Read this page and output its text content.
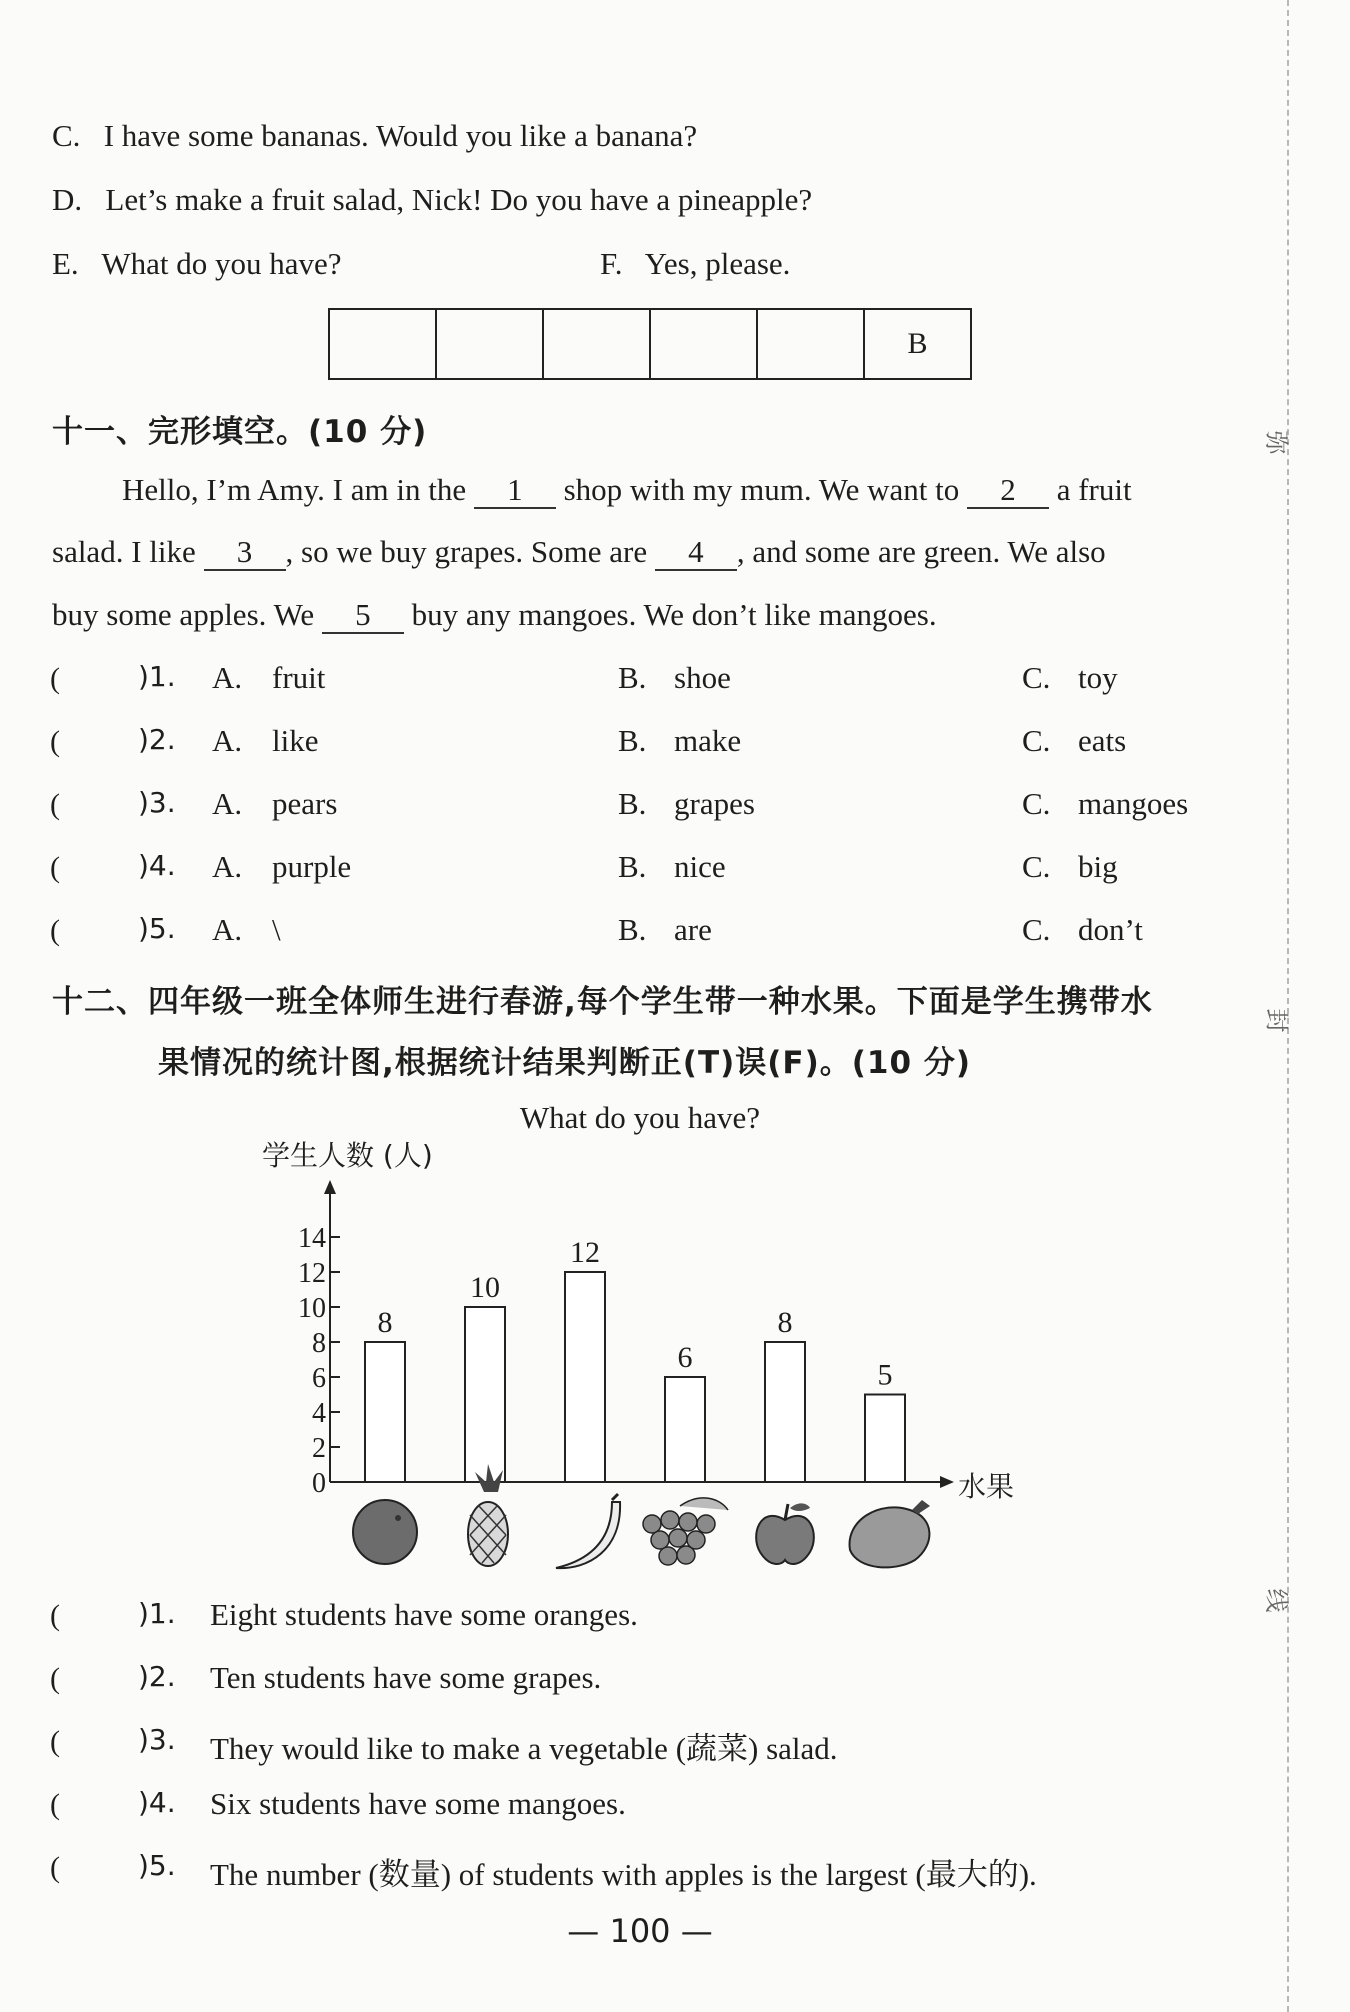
C. I have some bananas. Would you like a banana?
D. Let’s make a fruit salad, Nick! Do you have a pineapple?
E. What do you have?	F. Yes, please.
B
十一、完形填空。(10 分)
Hello, I’m Amy. I am in the 1 shop with my mum. We want to 2 a fruit
salad. I like 3 , so we buy grapes. Some are 4 , and some are green. We also
buy some apples. We 5 buy any mangoes. We don’t like mangoes.
(	)1. A. fruit	B. shoe	C. toy
(	)2. A. like	B. make	C. eats
(	)3. A. pears	B. grapes	C. mangoes
(	)4. A. purple	B. nice	C. big
(	)5. A. \	B. are	C. don’t
十二、四年级一班全体师生进行春游,每个学生带一种水果。下面是学生携带水
果情况的统计图,根据统计结果判断正(T)误(F)。(10 分)
What do you have?
学生人数 (人)
水果
0
2
4
6
8
10
12
14
8
10
12
6
8
5
(	)1. Eight students have some oranges.
(	)2. Ten students have some grapes.
(	)3. They would like to make a vegetable (蔬菜) salad.
(	)4. Six students have some mangoes.
(	)5. The number (数量) of students with apples is the largest (最大的).
— 100 —
弥
封
线
